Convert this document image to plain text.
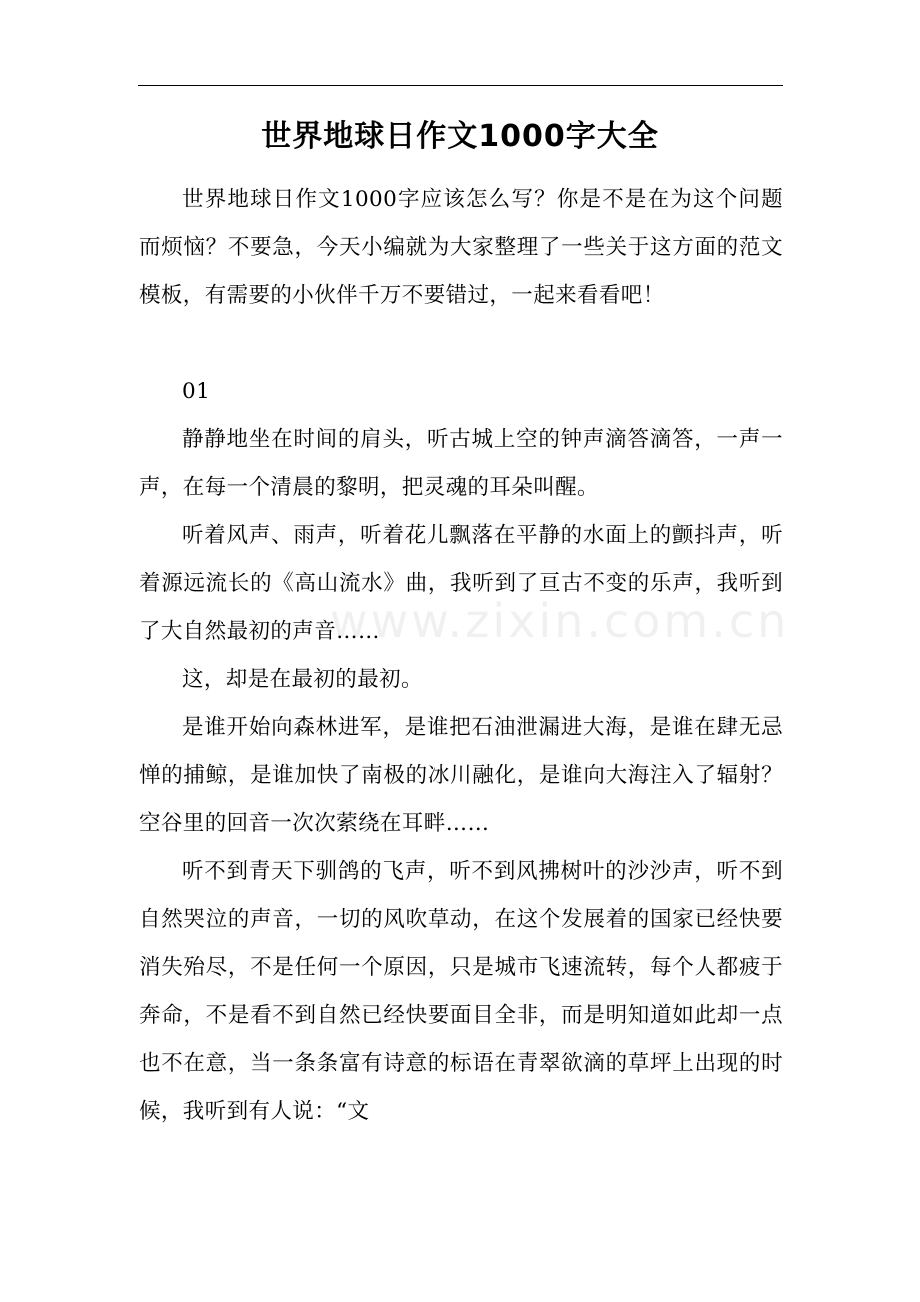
世界地球日作文1000字大全
www.zixin.com.cn

世界地球日作文1000字应该怎么写？你是不是在为这个问题而烦恼？不要急，今天小编就为大家整理了一些关于这方面的范文模板，有需要的小伙伴千万不要错过，一起来看看吧！

01

静静地坐在时间的肩头，听古城上空的钟声滴答滴答，一声一声，在每一个清晨的黎明，把灵魂的耳朵叫醒。

听着风声、雨声，听着花儿飘落在平静的水面上的颤抖声，听着源远流长的《高山流水》曲，我听到了亘古不变的乐声，我听到了大自然最初的声音……

这，却是在最初的最初。

是谁开始向森林进军，是谁把石油泄漏进大海，是谁在肆无忌惮的捕鲸，是谁加快了南极的冰川融化，是谁向大海注入了辐射？空谷里的回音一次次萦绕在耳畔……

听不到青天下驯鸽的飞声，听不到风拂树叶的沙沙声，听不到自然哭泣的声音，一切的风吹草动，在这个发展着的国家已经快要消失殆尽，不是任何一个原因，只是城市飞速流转，每个人都疲于奔命，不是看不到自然已经快要面目全非，而是明知道如此却一点也不在意，当一条条富有诗意的标语在青翠欲滴的草坪上出现的时候，我听到有人说：“文
